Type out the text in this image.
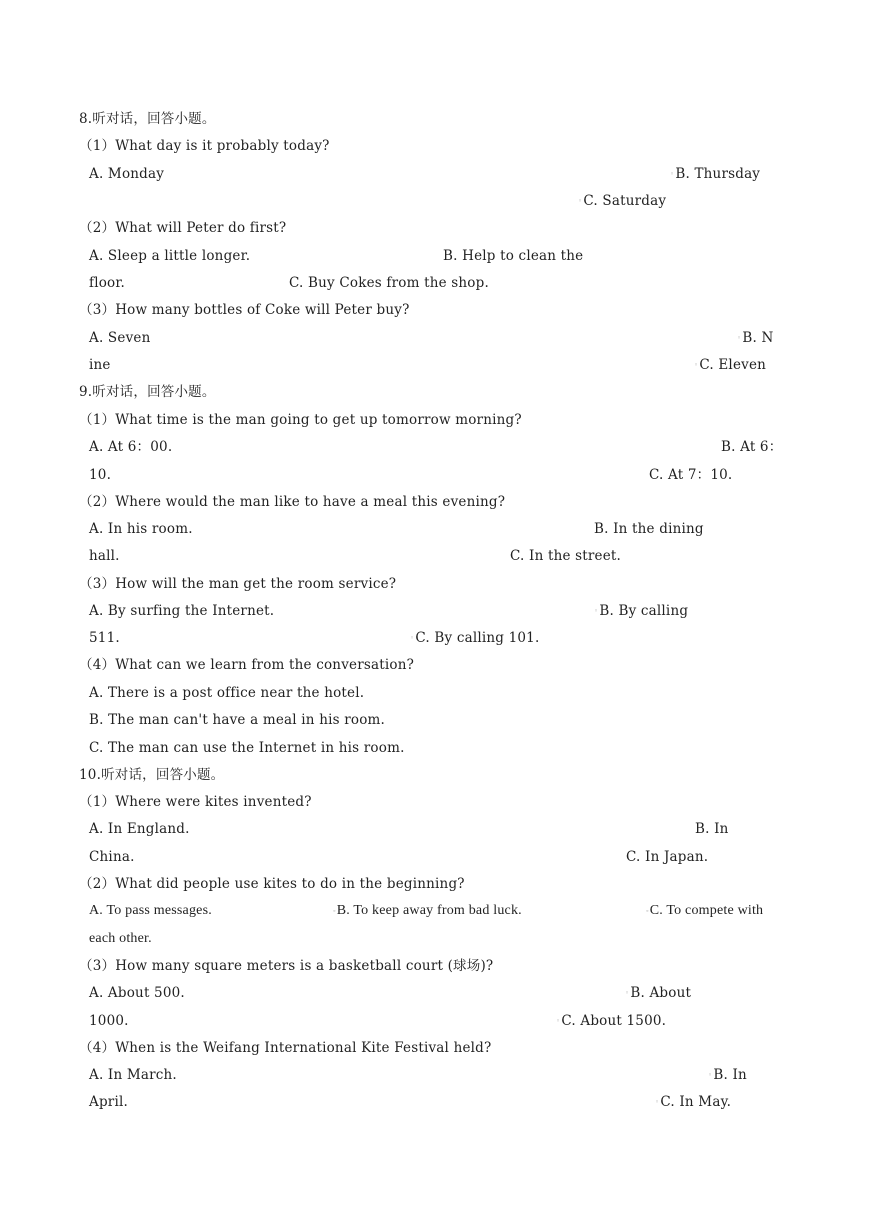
8.听对话，回答小题。
（1）What day is it probably today?
A. Monday	◦B. Thursday
◦C. Saturday
（2）What will Peter do first?
A. Sleep a little longer.	B. Help to clean the
floor.	C. Buy Cokes from the shop.
（3）How many bottles of Coke will Peter buy?
A. Seven	◦B. N
ine	◦C. Eleven
9.听对话，回答小题。
（1）What time is the man going to get up tomorrow morning?
A. At 6：00.	B. At 6：
10.	C. At 7：10.
（2）Where would the man like to have a meal this evening?
A. In his room.	B. In the dining
hall.	C. In the street.
（3）How will the man get the room service?
A. By surfing the Internet.	◦B. By calling
511.	◦C. By calling 101.
（4）What can we learn from the conversation?
A. There is a post office near the hotel.
B. The man can't have a meal in his room.
C. The man can use the Internet in his room.
10.听对话，回答小题。
（1）Where were kites invented?
A. In England.	B. In
China.	C. In Japan.
（2）What did people use kites to do in the beginning?
A. To pass messages.	◦B. To keep away from bad luck.	◦C. To compete with
each other.
（3）How many square meters is a basketball court (球场)?
A. About 500.	◦B. About
1000.	◦C. About 1500.
（4）When is the Weifang International Kite Festival held?
A. In March.	◦B. In
April.	◦C. In May.
